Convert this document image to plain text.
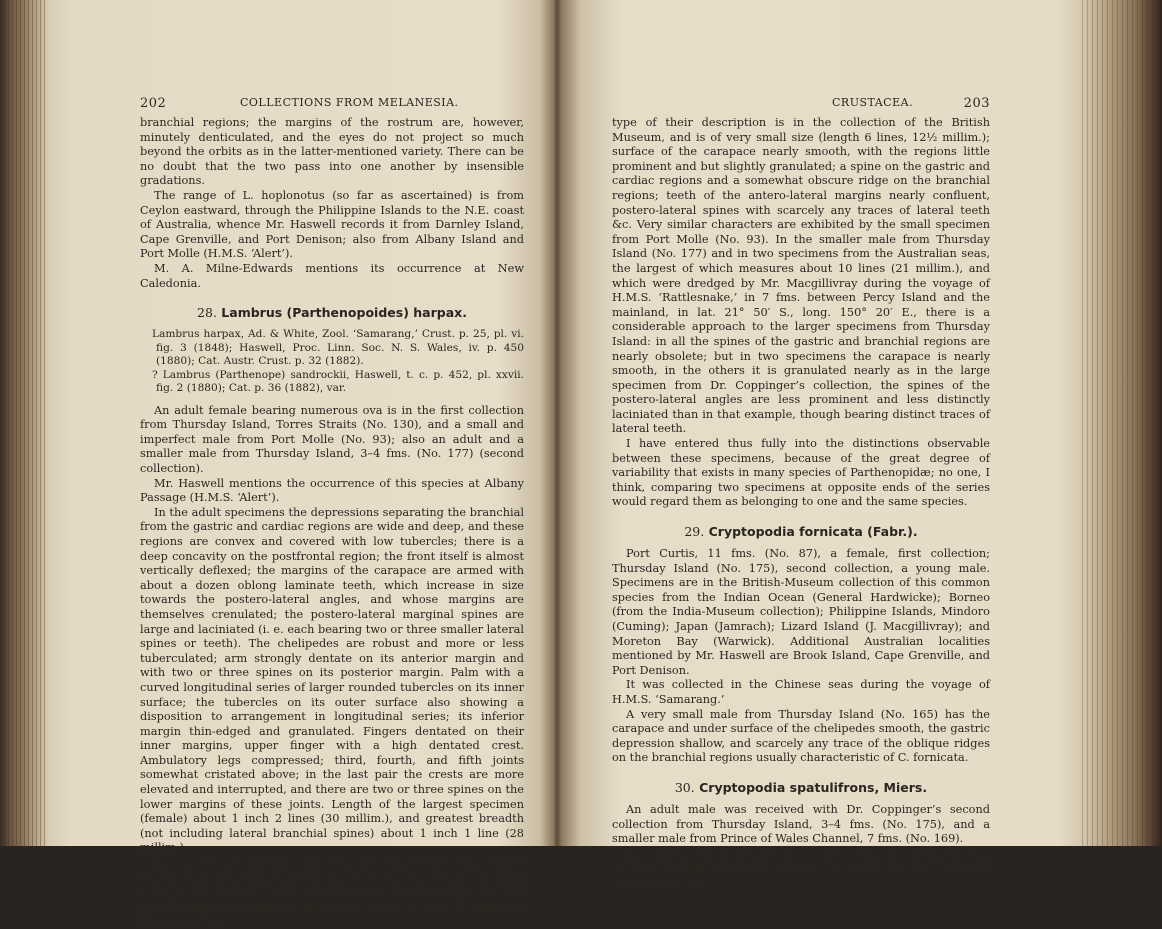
202	COLLECTIONS FROM MELANESIA.

branchial regions; the margins of the rostrum are, however, minutely denticulated, and the eyes do not project so much beyond the orbits as in the latter-mentioned variety. There can be no doubt that the two pass into one another by insensible gradations.

The range of L. hoplonotus (so far as ascertained) is from Ceylon eastward, through the Philippine Islands to the N.E. coast of Australia, whence Mr. Haswell records it from Darnley Island, Cape Grenville, and Port Denison; also from Albany Island and Port Molle (H.M.S. ‘Alert’).

M. A. Milne-Edwards mentions its occurrence at New Caledonia.

28. Lambrus (Parthenopoides) harpax.

Lambrus harpax, Ad. & White, Zool. ‘Samarang,’ Crust. p. 25, pl. vi. fig. 3 (1848); Haswell, Proc. Linn. Soc. N. S. Wales, iv. p. 450 (1880); Cat. Austr. Crust. p. 32 (1882).

? Lambrus (Parthenope) sandrockii, Haswell, t. c. p. 452, pl. xxvii. fig. 2 (1880); Cat. p. 36 (1882), var.

An adult female bearing numerous ova is in the first collection from Thursday Island, Torres Straits (No. 130), and a small and imperfect male from Port Molle (No. 93); also an adult and a smaller male from Thursday Island, 3–4 fms. (No. 177) (second collection).

Mr. Haswell mentions the occurrence of this species at Albany Passage (H.M.S. ‘Alert’).

In the adult specimens the depressions separating the branchial from the gastric and cardiac regions are wide and deep, and these regions are convex and covered with low tubercles; there is a deep concavity on the postfrontal region; the front itself is almost vertically deflexed; the margins of the carapace are armed with about a dozen oblong laminate teeth, which increase in size towards the postero-lateral angles, and whose margins are themselves crenulated; the postero-lateral marginal spines are large and laciniated (i. e. each bearing two or three smaller lateral spines or teeth). The chelipedes are robust and more or less tuberculated; arm strongly dentate on its anterior margin and with two or three spines on its posterior margin. Palm with a curved longitudinal series of larger rounded tubercles on its inner surface; the tubercles on its outer surface also showing a disposition to arrangement in longitudinal series; its inferior margin thin-edged and granulated. Fingers dentated on their inner margins, upper finger with a high dentated crest. Ambulatory legs compressed; third, fourth, and fifth joints somewhat cristated above; in the last pair the crests are more elevated and interrupted, and there are two or three spines on the lower margins of these joints. Length of the largest specimen (female) about 1 inch 2 lines (30 millim.), and greatest breadth (not including lateral branchial spines) about 1 inch 1 line (28 millim.).

The above description, although not exhaustive, will suffice (when compared with that given by Adams and White in their work above cited) to indicate the manifold differences between what I regard as the adult and young of this species. A specimen marked as the

CRUSTACEA.	203

type of their description is in the collection of the British Museum, and is of very small size (length 6 lines, 12½ millim.); surface of the carapace nearly smooth, with the regions little prominent and but slightly granulated; a spine on the gastric and cardiac regions and a somewhat obscure ridge on the branchial regions; teeth of the antero-lateral margins nearly confluent, postero-lateral spines with scarcely any traces of lateral teeth &c. Very similar characters are exhibited by the small specimen from Port Molle (No. 93). In the smaller male from Thursday Island (No. 177) and in two specimens from the Australian seas, the largest of which measures about 10 lines (21 millim.), and which were dredged by Mr. Macgillivray during the voyage of H.M.S. ‘Rattlesnake,’ in 7 fms. between Percy Island and the mainland, in lat. 21° 50′ S., long. 150° 20′ E., there is a considerable approach to the larger specimens from Thursday Island: in all the spines of the gastric and branchial regions are nearly obsolete; but in two specimens the carapace is nearly smooth, in the others it is granulated nearly as in the large specimen from Dr. Coppinger’s collection, the spines of the postero-lateral angles are less prominent and less distinctly laciniated than in that example, though bearing distinct traces of lateral teeth.

I have entered thus fully into the distinctions observable between these specimens, because of the great degree of variability that exists in many species of Parthenopidæ; no one, I think, comparing two specimens at opposite ends of the series would regard them as belonging to one and the same species.

29. Cryptopodia fornicata (Fabr.).

Port Curtis, 11 fms. (No. 87), a female, first collection; Thursday Island (No. 175), second collection, a young male. Specimens are in the British-Museum collection of this common species from the Indian Ocean (General Hardwicke); Borneo (from the India-Museum collection); Philippine Islands, Mindoro (Cuming); Japan (Jamrach); Lizard Island (J. Macgillivray); and Moreton Bay (Warwick). Additional Australian localities mentioned by Mr. Haswell are Brook Island, Cape Grenville, and Port Denison.

It was collected in the Chinese seas during the voyage of H.M.S. ‘Samarang.’

A very small male from Thursday Island (No. 165) has the carapace and under surface of the chelipedes smooth, the gastric depression shallow, and scarcely any trace of the oblique ridges on the branchial regions usually characteristic of C. fornicata.

30. Cryptopodia spatulifrons, Miers.

An adult male was received with Dr. Coppinger’s second collection from Thursday Island, 3–4 fms. (No. 175), and a smaller male from Prince of Wales Channel, 7 fms. (No. 169).

The larger example has the carapace more distinctly and coarsely pitted than the typical specimen in the Museum collection from
